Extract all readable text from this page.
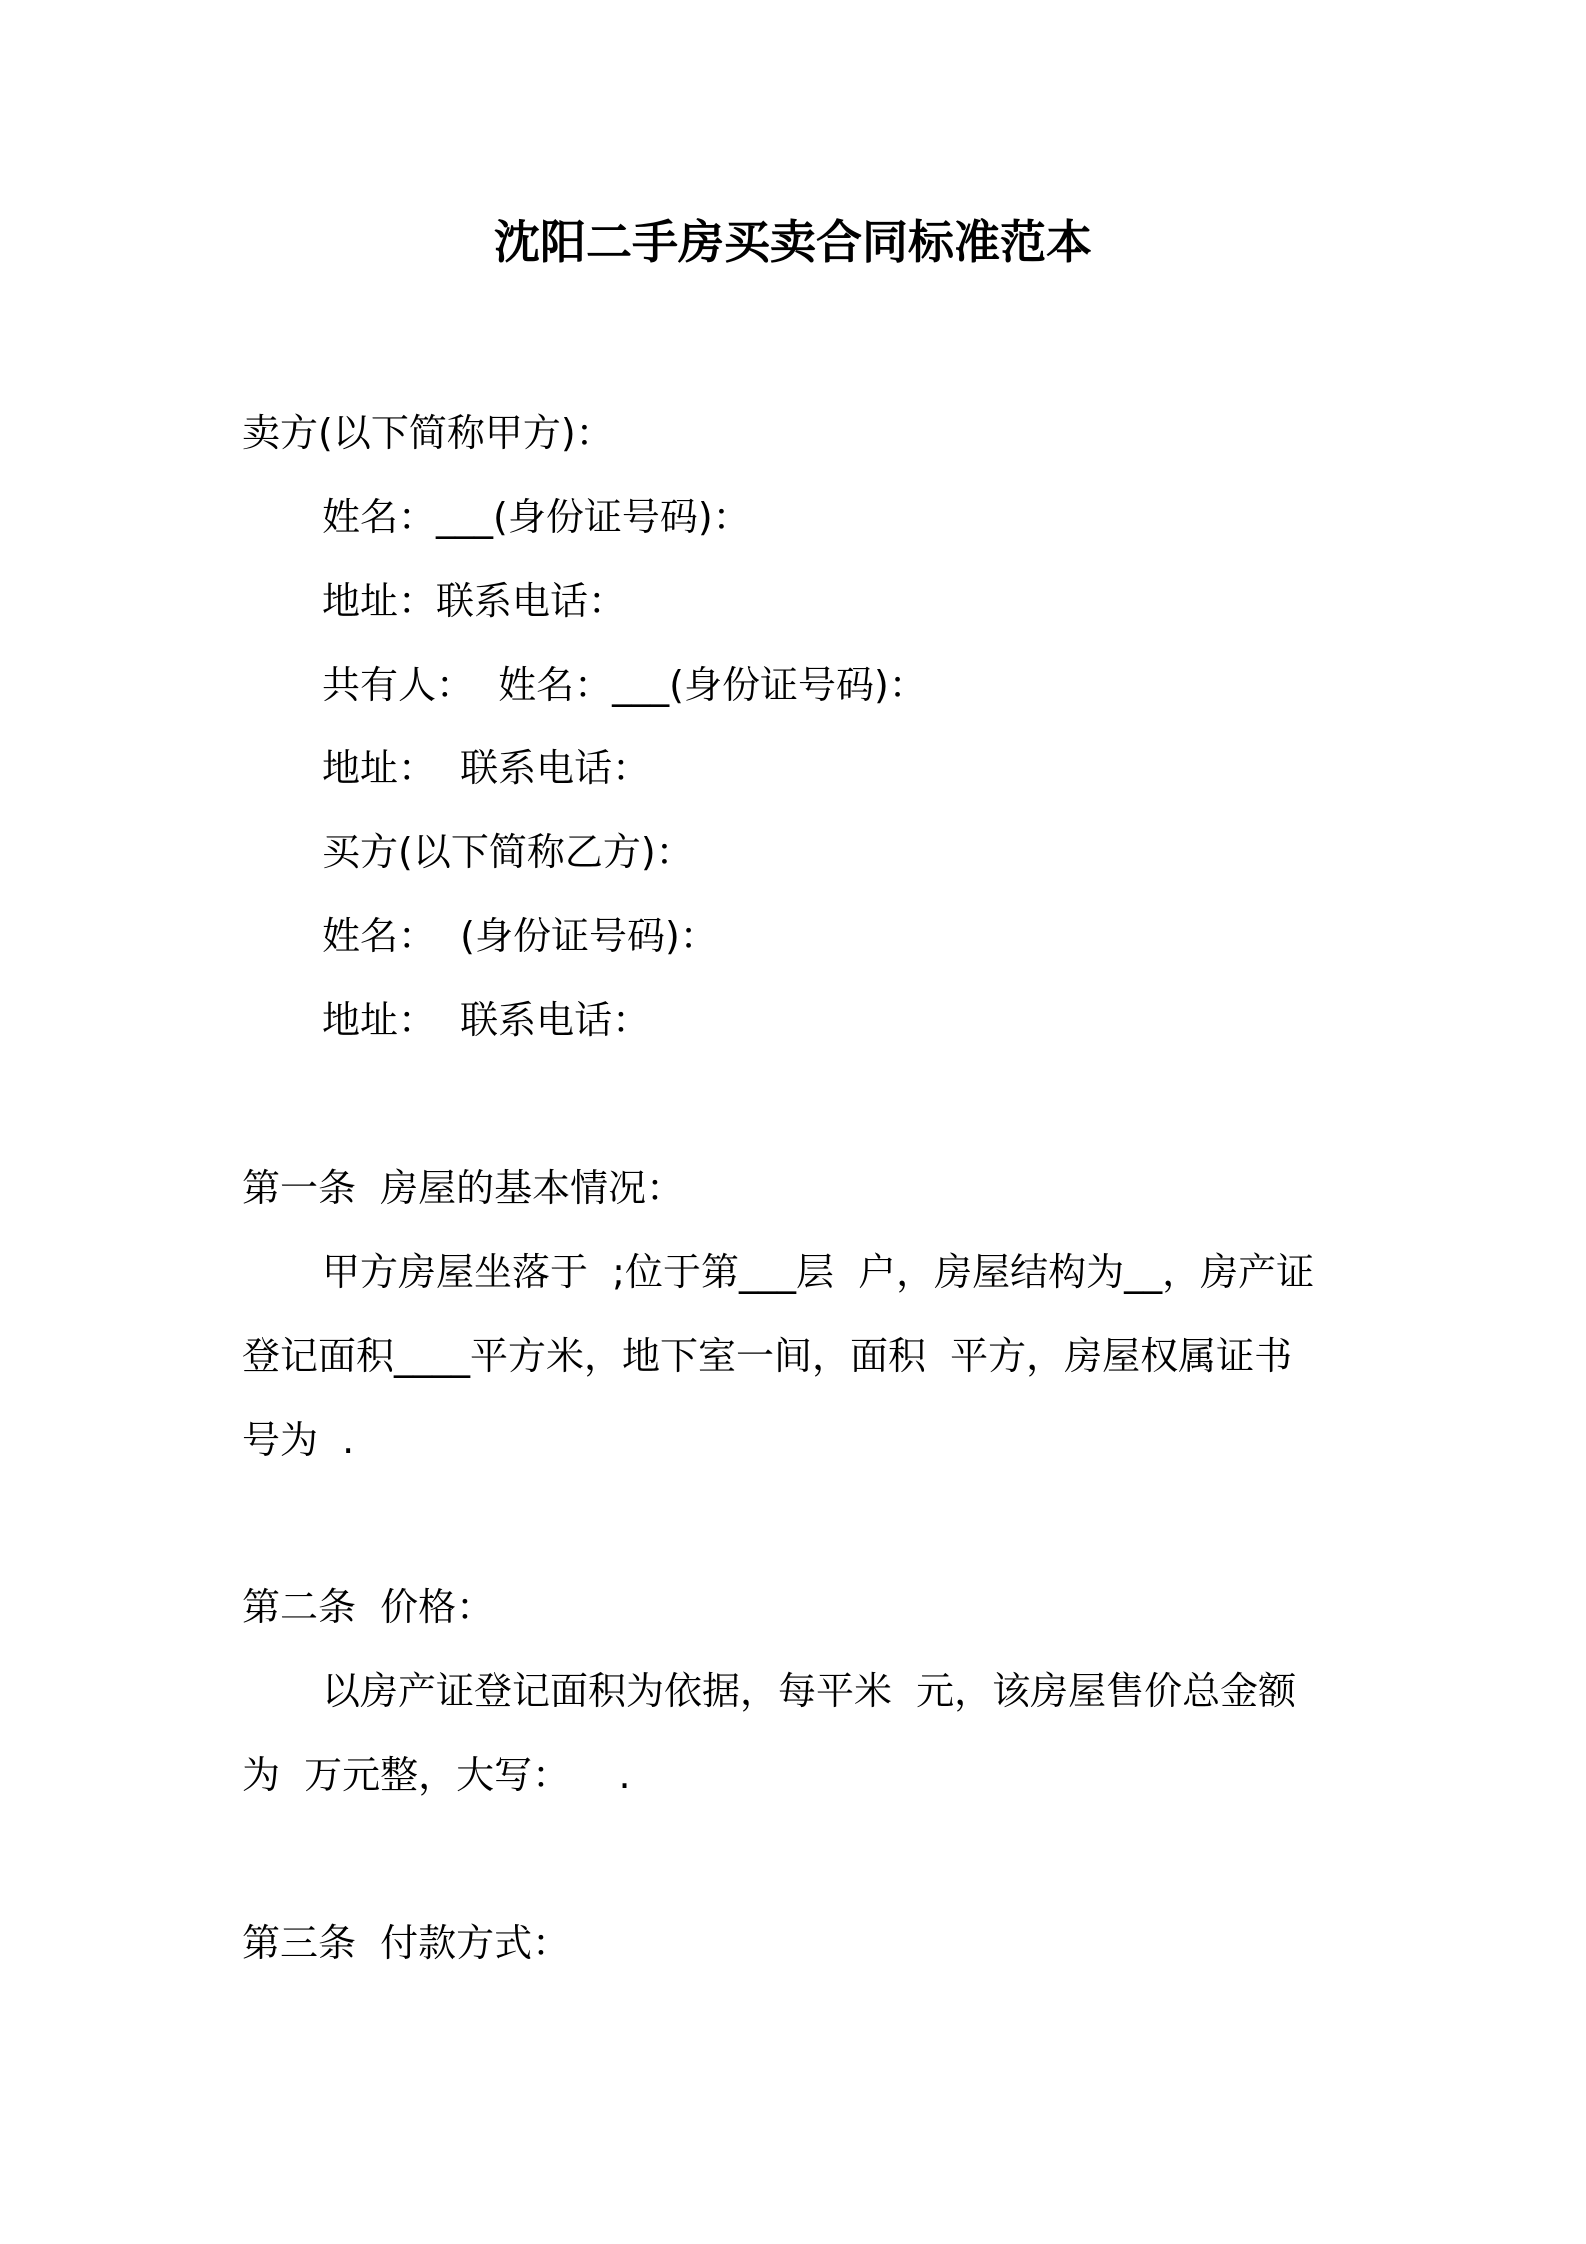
沈阳二手房买卖合同标准范本
卖方(以下简称甲方)：
姓名：___(身份证号码)：
地址：联系电话：
共有人：  姓名：___(身份证号码)：
地址：  联系电话：
买方(以下简称乙方)：
姓名：  (身份证号码)：
地址：  联系电话：
第一条  房屋的基本情况：
甲方房屋坐落于  ;位于第___层  户，房屋结构为__，房产证
登记面积____平方米，地下室一间，面积  平方，房屋权属证书
号为  .
第二条  价格：
以房产证登记面积为依据，每平米  元，该房屋售价总金额
为  万元整，大写：    .
第三条  付款方式：
